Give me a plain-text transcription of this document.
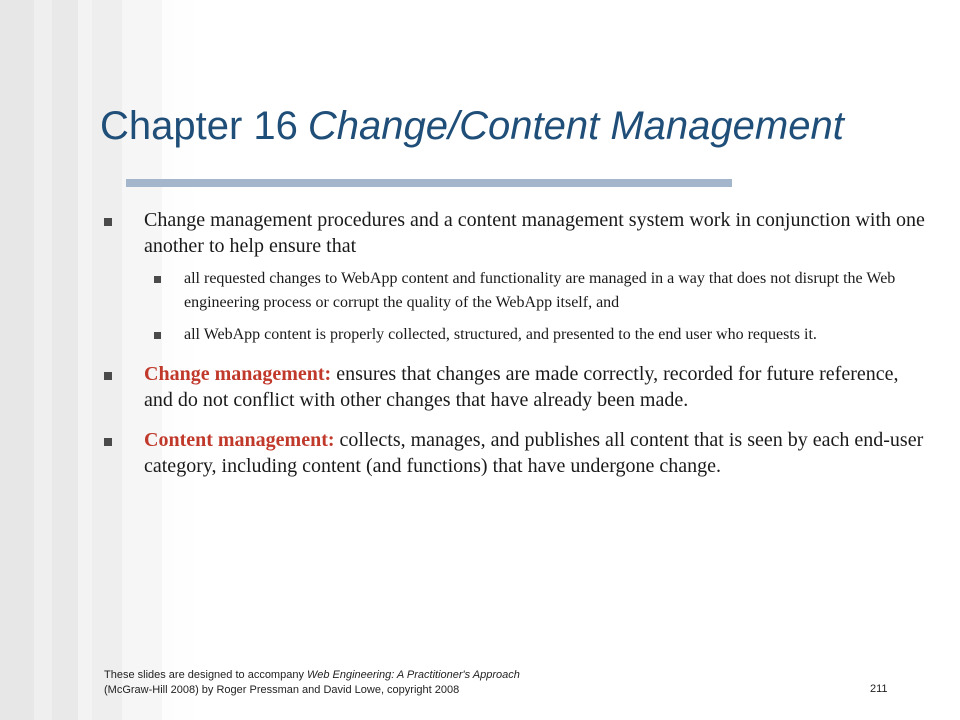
Chapter 16 Change/Content Management
Change management procedures and a content management system work in conjunction with one another to help ensure that
all requested changes to WebApp content and functionality are managed in a way that does not disrupt the Web engineering process or corrupt the quality of the WebApp itself, and
all WebApp content is properly collected, structured, and presented to the end user who requests it.
Change management: ensures that changes are made correctly, recorded for future reference, and do not conflict with other changes that have already been made.
Content management: collects, manages, and publishes all content that is seen by each end-user category, including content (and functions) that have undergone change.
These slides are designed to accompany Web Engineering: A Practitioner's Approach
(McGraw-Hill 2008) by Roger Pressman and David Lowe, copyright 2008	211
